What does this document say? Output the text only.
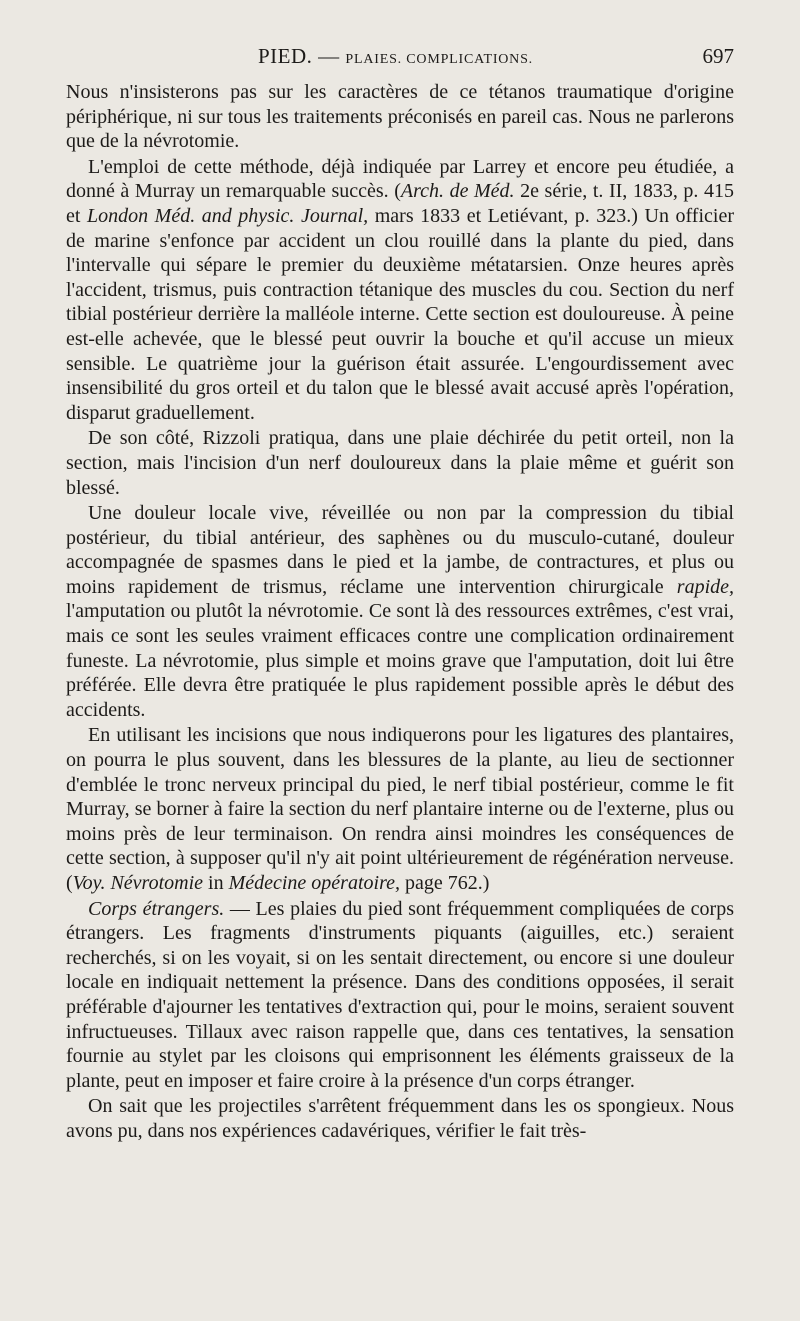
PIED. — PLAIES. COMPLICATIONS.	697

Nous n'insisterons pas sur les caractères de ce tétanos traumatique d'origine périphérique, ni sur tous les traitements préconisés en pareil cas. Nous ne parlerons que de la névrotomie.

L'emploi de cette méthode, déjà indiquée par Larrey et encore peu étudiée, a donné à Murray un remarquable succès. (Arch. de Méd. 2e série, t. II, 1833, p. 415 et London Méd. and physic. Journal, mars 1833 et Letiévant, p. 323.) Un officier de marine s'enfonce par accident un clou rouillé dans la plante du pied, dans l'intervalle qui sépare le premier du deuxième métatarsien. Onze heures après l'accident, trismus, puis contraction tétanique des muscles du cou. Section du nerf tibial postérieur derrière la malléole interne. Cette section est douloureuse. À peine est-elle achevée, que le blessé peut ouvrir la bouche et qu'il accuse un mieux sensible. Le quatrième jour la guérison était assurée. L'engourdissement avec insensibilité du gros orteil et du talon que le blessé avait accusé après l'opération, disparut graduellement.

De son côté, Rizzoli pratiqua, dans une plaie déchirée du petit orteil, non la section, mais l'incision d'un nerf douloureux dans la plaie même et guérit son blessé.

Une douleur locale vive, réveillée ou non par la compression du tibial postérieur, du tibial antérieur, des saphènes ou du musculo-cutané, douleur accompagnée de spasmes dans le pied et la jambe, de contractures, et plus ou moins rapidement de trismus, réclame une intervention chirurgicale rapide, l'amputation ou plutôt la névrotomie. Ce sont là des ressources extrêmes, c'est vrai, mais ce sont les seules vraiment efficaces contre une complication ordinairement funeste. La névrotomie, plus simple et moins grave que l'amputation, doit lui être préférée. Elle devra être pratiquée le plus rapidement possible après le début des accidents.

En utilisant les incisions que nous indiquerons pour les ligatures des plantaires, on pourra le plus souvent, dans les blessures de la plante, au lieu de sectionner d'emblée le tronc nerveux principal du pied, le nerf tibial postérieur, comme le fit Murray, se borner à faire la section du nerf plantaire interne ou de l'externe, plus ou moins près de leur terminaison. On rendra ainsi moindres les conséquences de cette section, à supposer qu'il n'y ait point ultérieurement de régénération nerveuse. (Voy. Névrotomie in Médecine opératoire, page 762.)

Corps étrangers. — Les plaies du pied sont fréquemment compliquées de corps étrangers. Les fragments d'instruments piquants (aiguilles, etc.) seraient recherchés, si on les voyait, si on les sentait directement, ou encore si une douleur locale en indiquait nettement la présence. Dans des conditions opposées, il serait préférable d'ajourner les tentatives d'extraction qui, pour le moins, seraient souvent infructueuses. Tillaux avec raison rappelle que, dans ces tentatives, la sensation fournie au stylet par les cloisons qui emprisonnent les éléments graisseux de la plante, peut en imposer et faire croire à la présence d'un corps étranger.

On sait que les projectiles s'arrêtent fréquemment dans les os spongieux. Nous avons pu, dans nos expériences cadavériques, vérifier le fait très-
